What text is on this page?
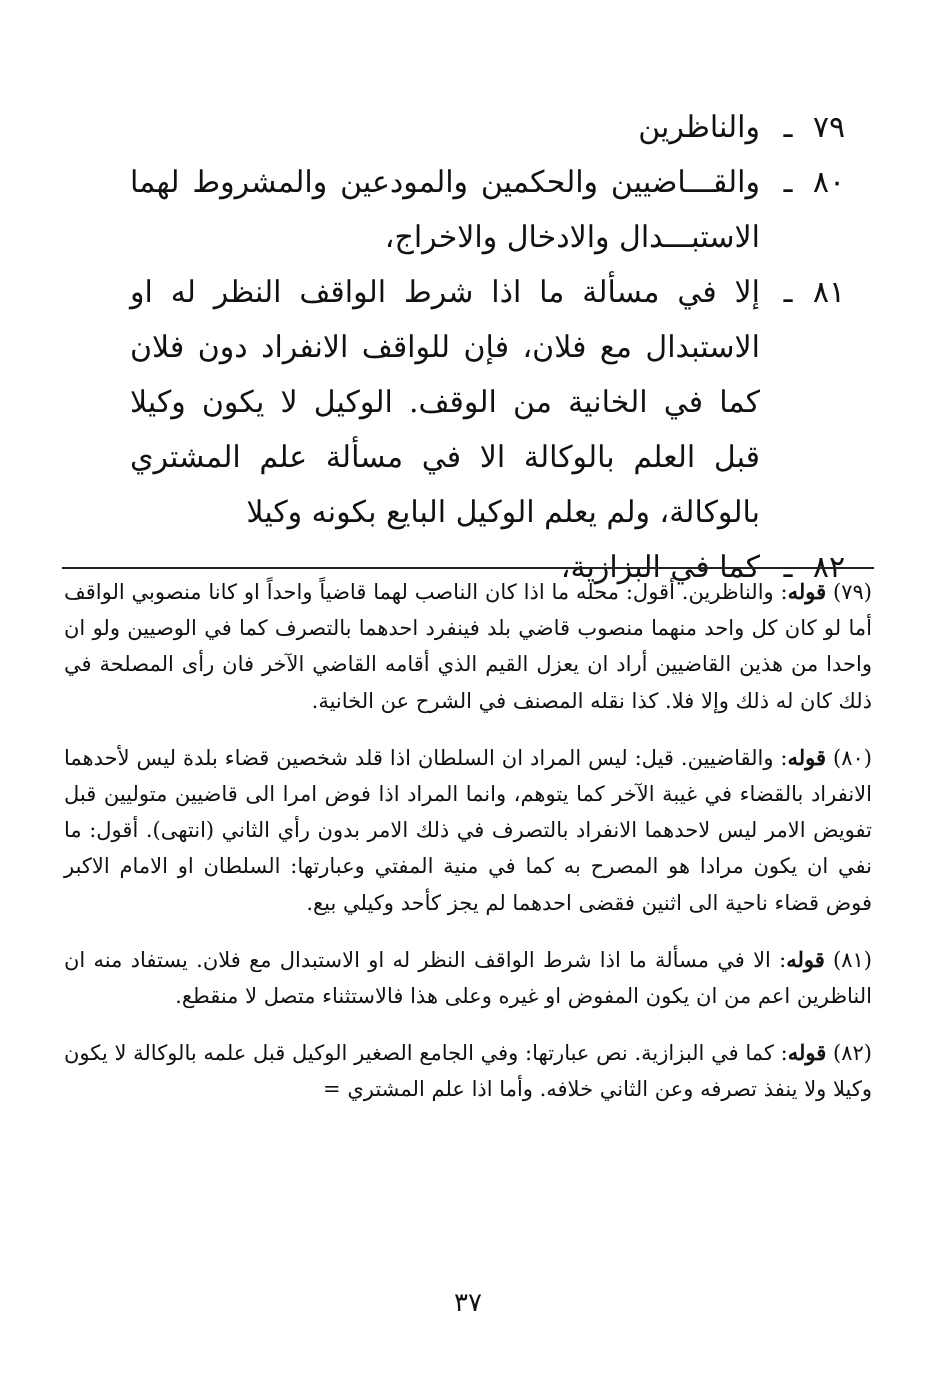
٧٩
ـ
والناظرين
٨٠
ـ
والقـــاضيين والحكمين والمودعين والمشروط لهما الاستبـــدال والادخال والاخراج،
٨١
ـ
إلا في مسألة ما اذا شرط الواقف النظر له او الاستبدال مع فلان، فإن للواقف الانفراد دون فلان كما في الخانية من الوقف. الوكيل لا يكون وكيلا قبل العلم بالوكالة الا في مسألة علم المشتري بالوكالة، ولم يعلم الوكيل البايع بكونه وكيلا
٨٢
ـ
كما في البزازية،

(٧٩) قوله: والناظرين. أقول: محله ما اذا كان الناصب لهما قاضياً واحداً او كانا منصوبي الواقف أما لو كان كل واحد منهما منصوب قاضي بلد فينفرد احدهما بالتصرف كما في الوصيين ولو ان واحدا من هذين القاضيين أراد ان يعزل القيم الذي أقامه القاضي الآخر فان رأى المصلحة في ذلك كان له ذلك وإلا فلا. كذا نقله المصنف في الشرح عن الخانية.

(٨٠) قوله: والقاضيين. قيل: ليس المراد ان السلطان اذا قلد شخصين قضاء بلدة ليس لأحدهما الانفراد بالقضاء في غيبة الآخر كما يتوهم، وانما المراد اذا فوض امرا الى قاضيين متوليين قبل تفويض الامر ليس لاحدهما الانفراد بالتصرف في ذلك الامر بدون رأي الثاني (انتهى). أقول: ما نفي ان يكون مرادا هو المصرح به كما في منية المفتي وعبارتها: السلطان او الامام الاكبر فوض قضاء ناحية الى اثنين فقضى احدهما لم يجز كأحد وكيلي بيع.

(٨١) قوله: الا في مسألة ما اذا شرط الواقف النظر له او الاستبدال مع فلان. يستفاد منه ان الناظرين اعم من ان يكون المفوض او غيره وعلى هذا فالاستثناء متصل لا منقطع.

(٨٢) قوله: كما في البزازية. نص عبارتها: وفي الجامع الصغير الوكيل قبل علمه بالوكالة لا يكون وكيلا ولا ينفذ تصرفه وعن الثاني خلافه. وأما اذا علم المشتري =

٣٧
